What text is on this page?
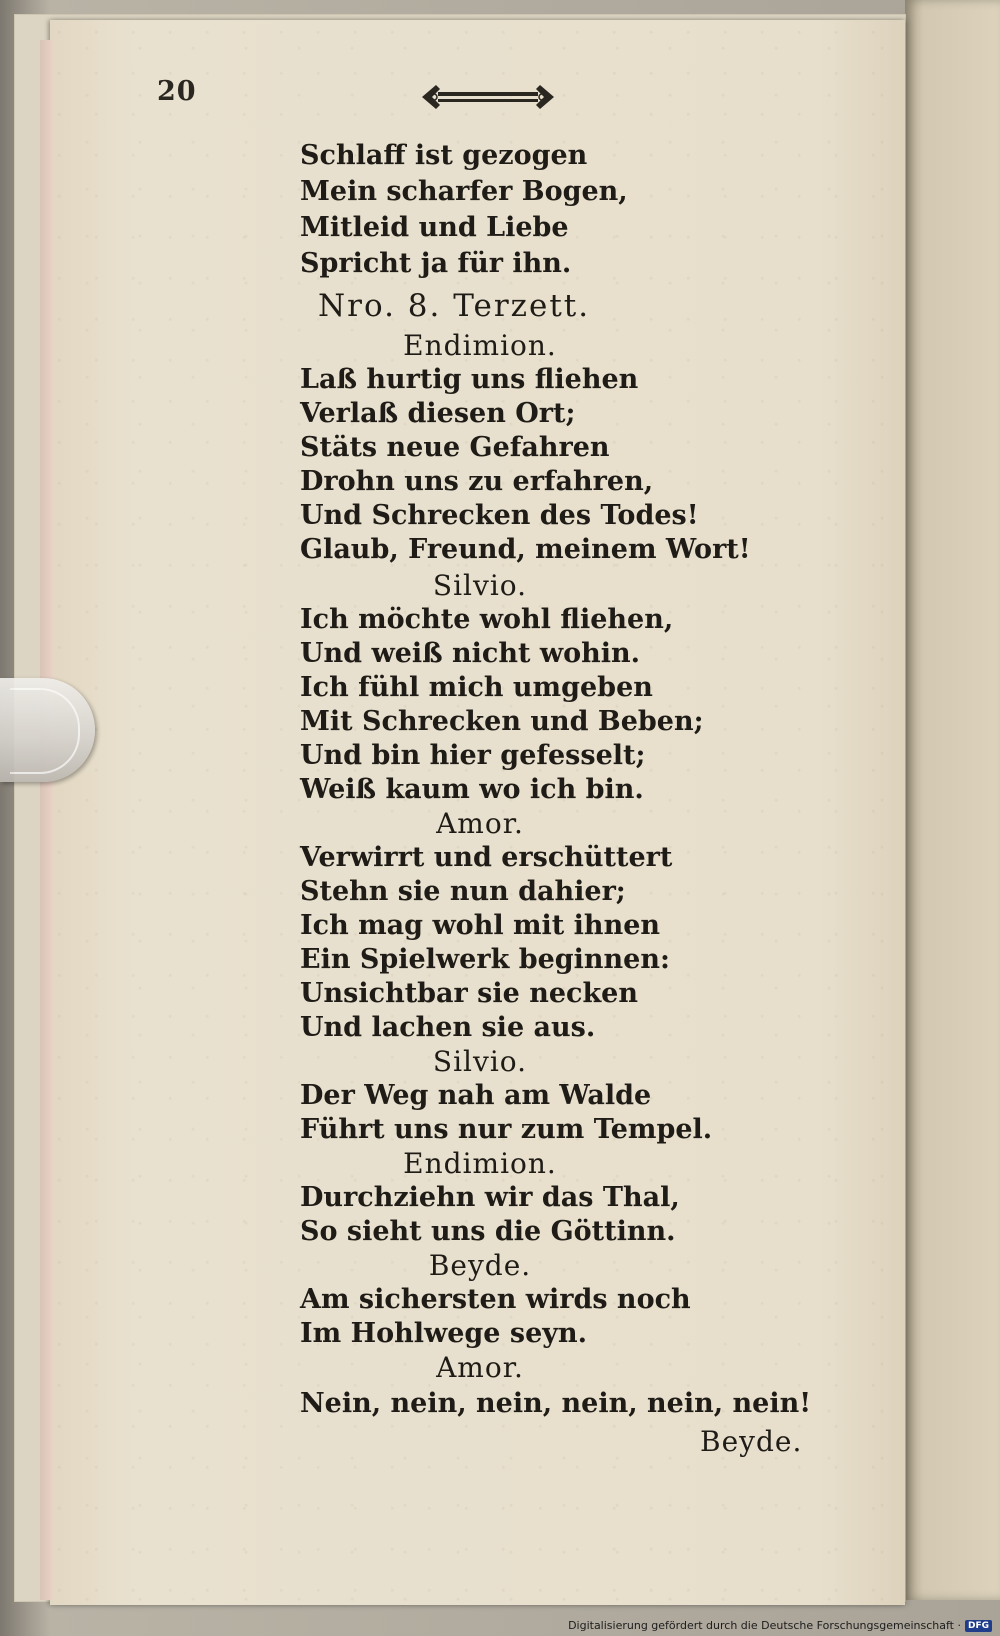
20
Schlaff ist gezogen
Mein scharfer Bogen,
Mitleid und Liebe
Spricht ja für ihn.
Nro. 8. Terzett.
Endimion.
Laß hurtig uns fliehen
Verlaß diesen Ort;
Stäts neue Gefahren
Drohn uns zu erfahren,
Und Schrecken des Todes!
Glaub, Freund, meinem Wort!
Silvio.
Ich möchte wohl fliehen,
Und weiß nicht wohin.
Ich fühl mich umgeben
Mit Schrecken und Beben;
Und bin hier gefesselt;
Weiß kaum wo ich bin.
Amor.
Verwirrt und erschüttert
Stehn sie nun dahier;
Ich mag wohl mit ihnen
Ein Spielwerk beginnen:
Unsichtbar sie necken
Und lachen sie aus.
Silvio.
Der Weg nah am Walde
Führt uns nur zum Tempel.
Endimion.
Durchziehn wir das Thal,
So sieht uns die Göttinn.
Beyde.
Am sichersten wirds noch
Im Hohlwege seyn.
Amor.
Nein, nein, nein, nein, nein, nein!
Beyde.
Digitalisierung gefördert durch die Deutsche Forschungsgemeinschaft · DFG
